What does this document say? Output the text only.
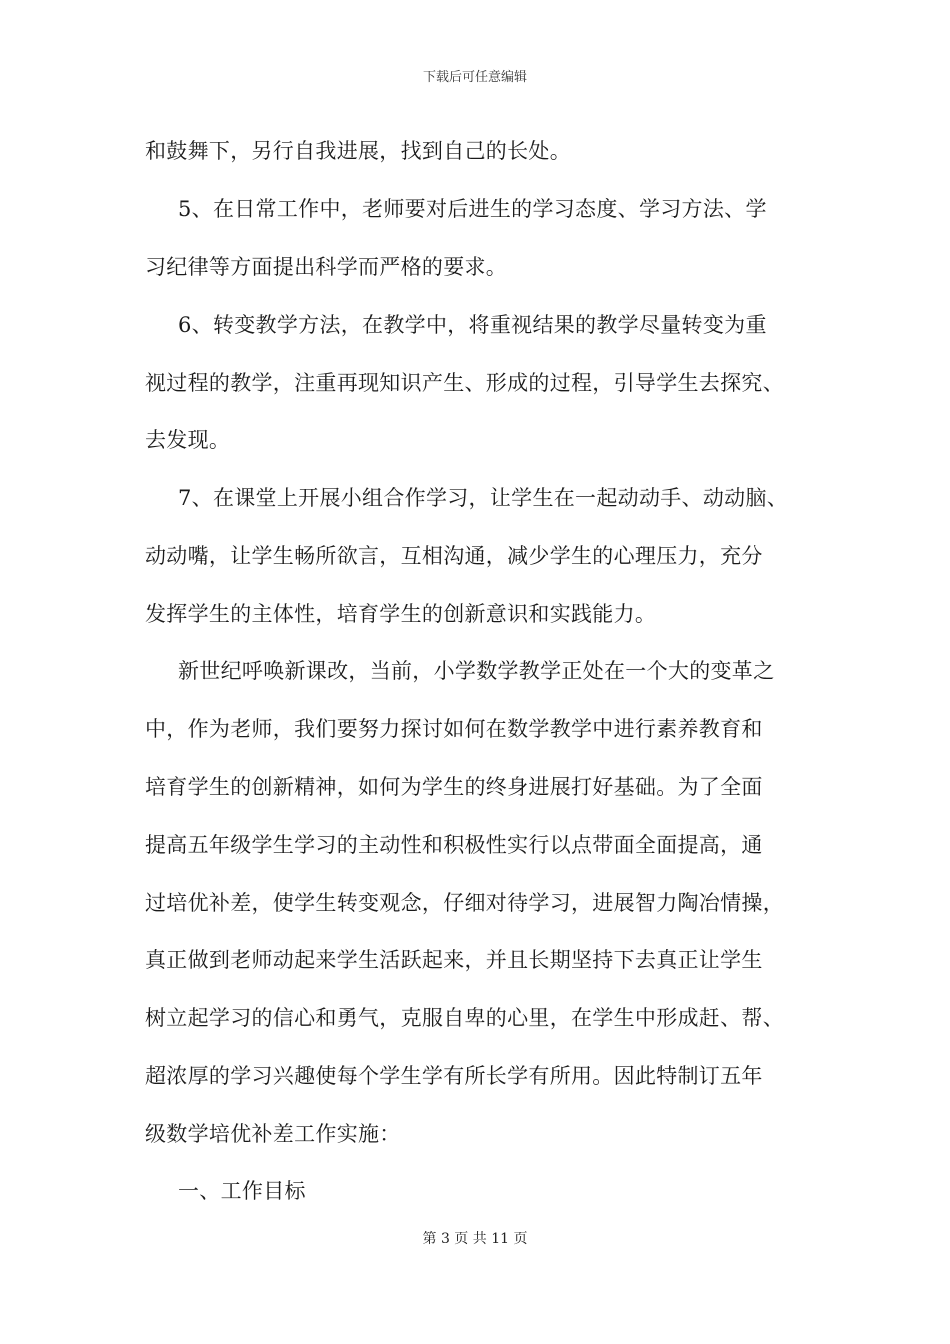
下载后可任意编辑
和鼓舞下，另行自我进展，找到自己的长处。
5、在日常工作中，老师要对后进生的学习态度、学习方法、学
习纪律等方面提出科学而严格的要求。
6、转变教学方法，在教学中，将重视结果的教学尽量转变为重
视过程的教学，注重再现知识产生、形成的过程，引导学生去探究、
去发现。
7、在课堂上开展小组合作学习，让学生在一起动动手、动动脑、
动动嘴，让学生畅所欲言，互相沟通，减少学生的心理压力，充分
发挥学生的主体性，培育学生的创新意识和实践能力。
新世纪呼唤新课改，当前，小学数学教学正处在一个大的变革之
中，作为老师，我们要努力探讨如何在数学教学中进行素养教育和
培育学生的创新精神，如何为学生的终身进展打好基础。为了全面
提高五年级学生学习的主动性和积极性实行以点带面全面提高，通
过培优补差，使学生转变观念，仔细对待学习，进展智力陶冶情操，
真正做到老师动起来学生活跃起来，并且长期坚持下去真正让学生
树立起学习的信心和勇气，克服自卑的心里，在学生中形成赶、帮、
超浓厚的学习兴趣使每个学生学有所长学有所用。因此特制订五年
级数学培优补差工作实施：
一、工作目标
第 3 页 共 11 页
